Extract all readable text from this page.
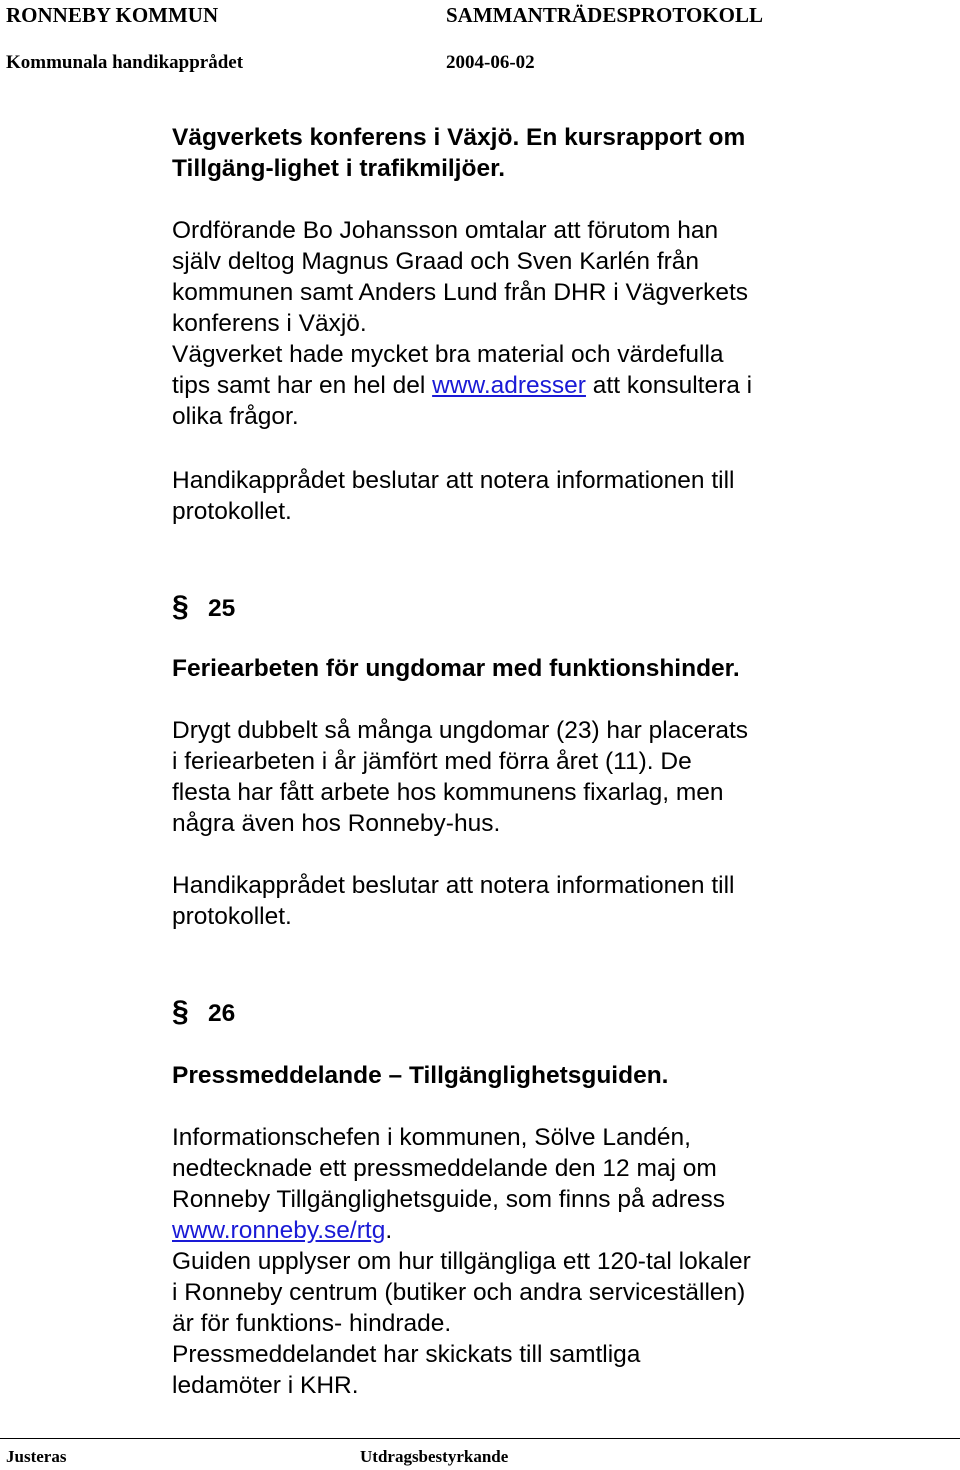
RONNEBY KOMMUN	SAMMANTRÄDESPROTOKOLL
Kommunala handikapprådet	2004-06-02
Vägverkets konferens i Växjö. En kursrapport om
Tillgäng-lighet i trafikmiljöer.
Ordförande Bo Johansson omtalar att förutom han
själv deltog Magnus Graad och Sven Karlén från
kommunen samt Anders Lund från DHR i Vägverkets
konferens i Växjö.
Vägverket hade mycket bra material och värdefulla
tips samt har en hel del www.adresser att konsultera i
olika frågor.
Handikapprådet beslutar att notera informationen till
protokollet.
§ 25
Feriearbeten för ungdomar med funktionshinder.
Drygt dubbelt så många ungdomar (23) har placerats
i feriearbeten i år jämfört med förra året (11). De
flesta har fått arbete hos kommunens fixarlag, men
några även hos Ronneby-hus.
Handikapprådet beslutar att notera informationen till
protokollet.
§ 26
Pressmeddelande – Tillgänglighetsguiden.
Informationschefen i kommunen, Sölve Landén,
nedtecknade ett pressmeddelande den 12 maj om
Ronneby Tillgänglighetsguide, som finns på adress
www.ronneby.se/rtg.
Guiden upplyser om hur tillgängliga ett 120-tal lokaler
i Ronneby centrum (butiker och andra serviceställen)
är för funktions- hindrade.
Pressmeddelandet har skickats till samtliga
ledamöter i KHR.
Justeras	Utdragsbestyrkande
